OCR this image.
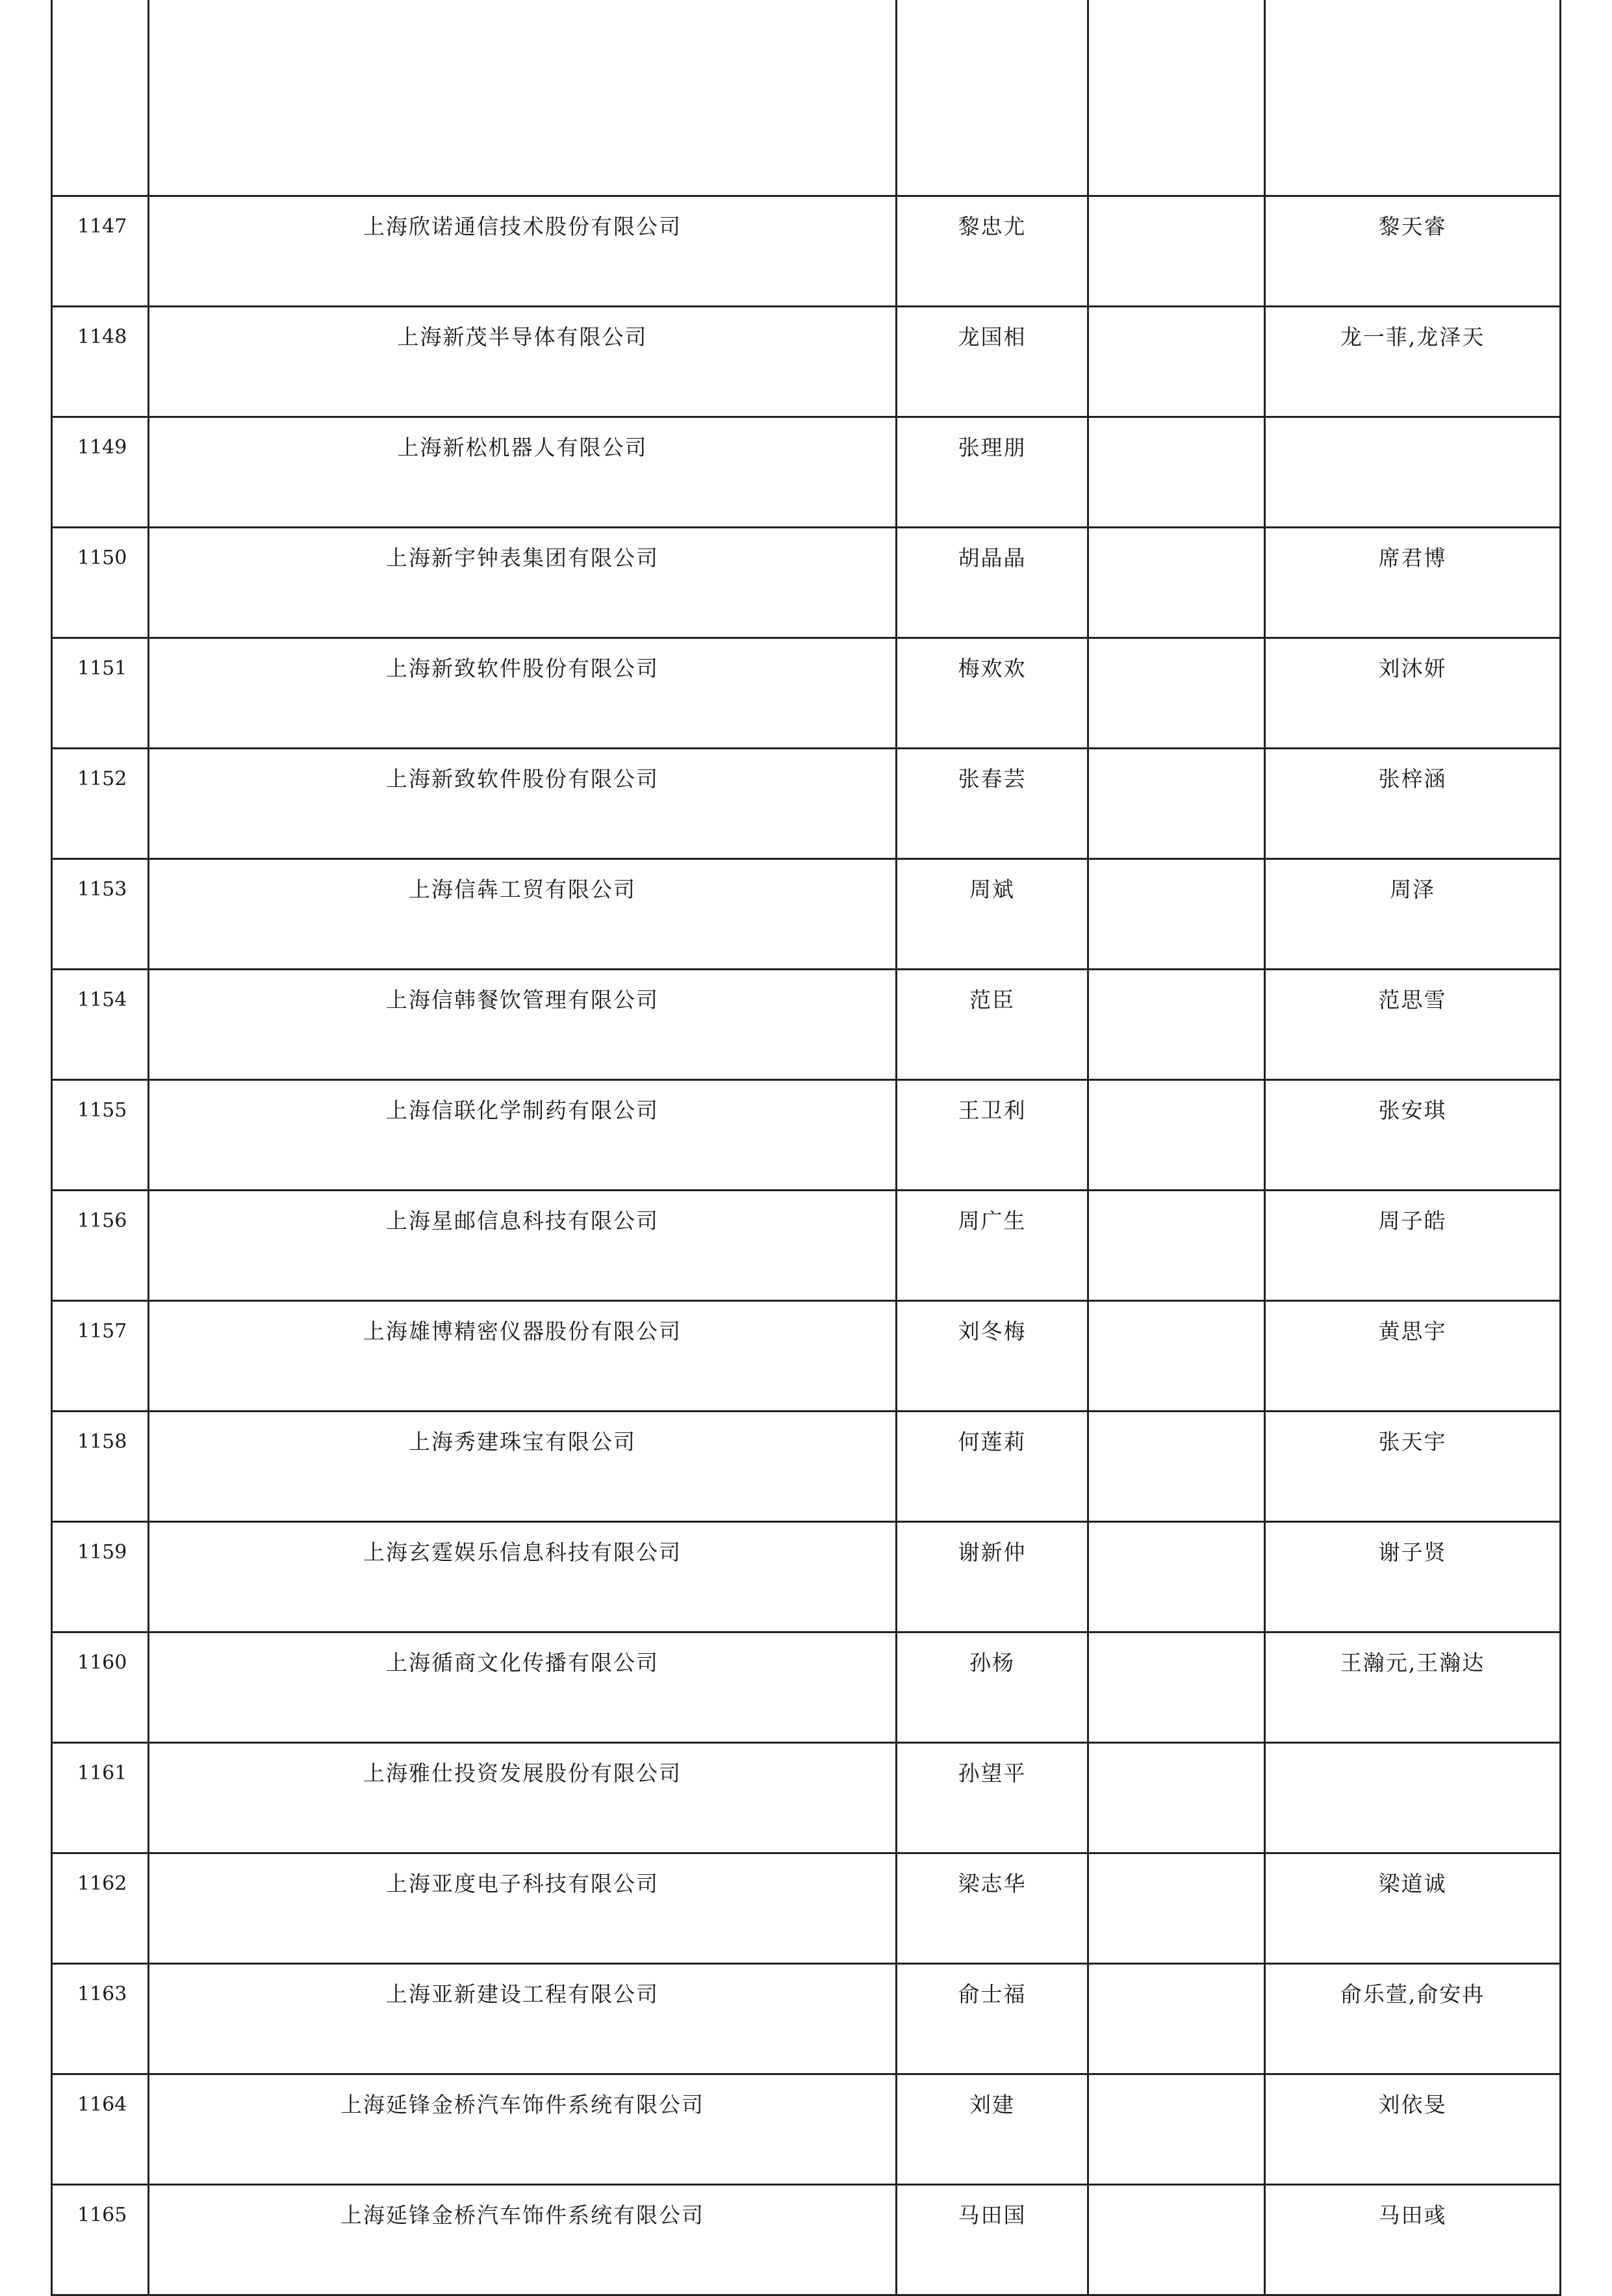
1147	上海欣诺通信技术股份有限公司	黎忠尤		黎天睿
1148	上海新茂半导体有限公司	龙国相		龙一菲,龙泽天
1149	上海新松机器人有限公司	张理朋		
1150	上海新宇钟表集团有限公司	胡晶晶		席君博
1151	上海新致软件股份有限公司	梅欢欢		刘沐妍
1152	上海新致软件股份有限公司	张春芸		张梓涵
1153	上海信犇工贸有限公司	周斌		周泽
1154	上海信韩餐饮管理有限公司	范臣		范思雪
1155	上海信联化学制药有限公司	王卫利		张安琪
1156	上海星邮信息科技有限公司	周广生		周子皓
1157	上海雄博精密仪器股份有限公司	刘冬梅		黄思宇
1158	上海秀建珠宝有限公司	何莲莉		张天宇
1159	上海玄霆娱乐信息科技有限公司	谢新仲		谢子贤
1160	上海循商文化传播有限公司	孙杨		王瀚元,王瀚达
1161	上海雅仕投资发展股份有限公司	孙望平		
1162	上海亚度电子科技有限公司	梁志华		梁道诚
1163	上海亚新建设工程有限公司	俞士福		俞乐萱,俞安冉
1164	上海延锋金桥汽车饰件系统有限公司	刘建		刘依旻
1165	上海延锋金桥汽车饰件系统有限公司	马田国		马田彧
